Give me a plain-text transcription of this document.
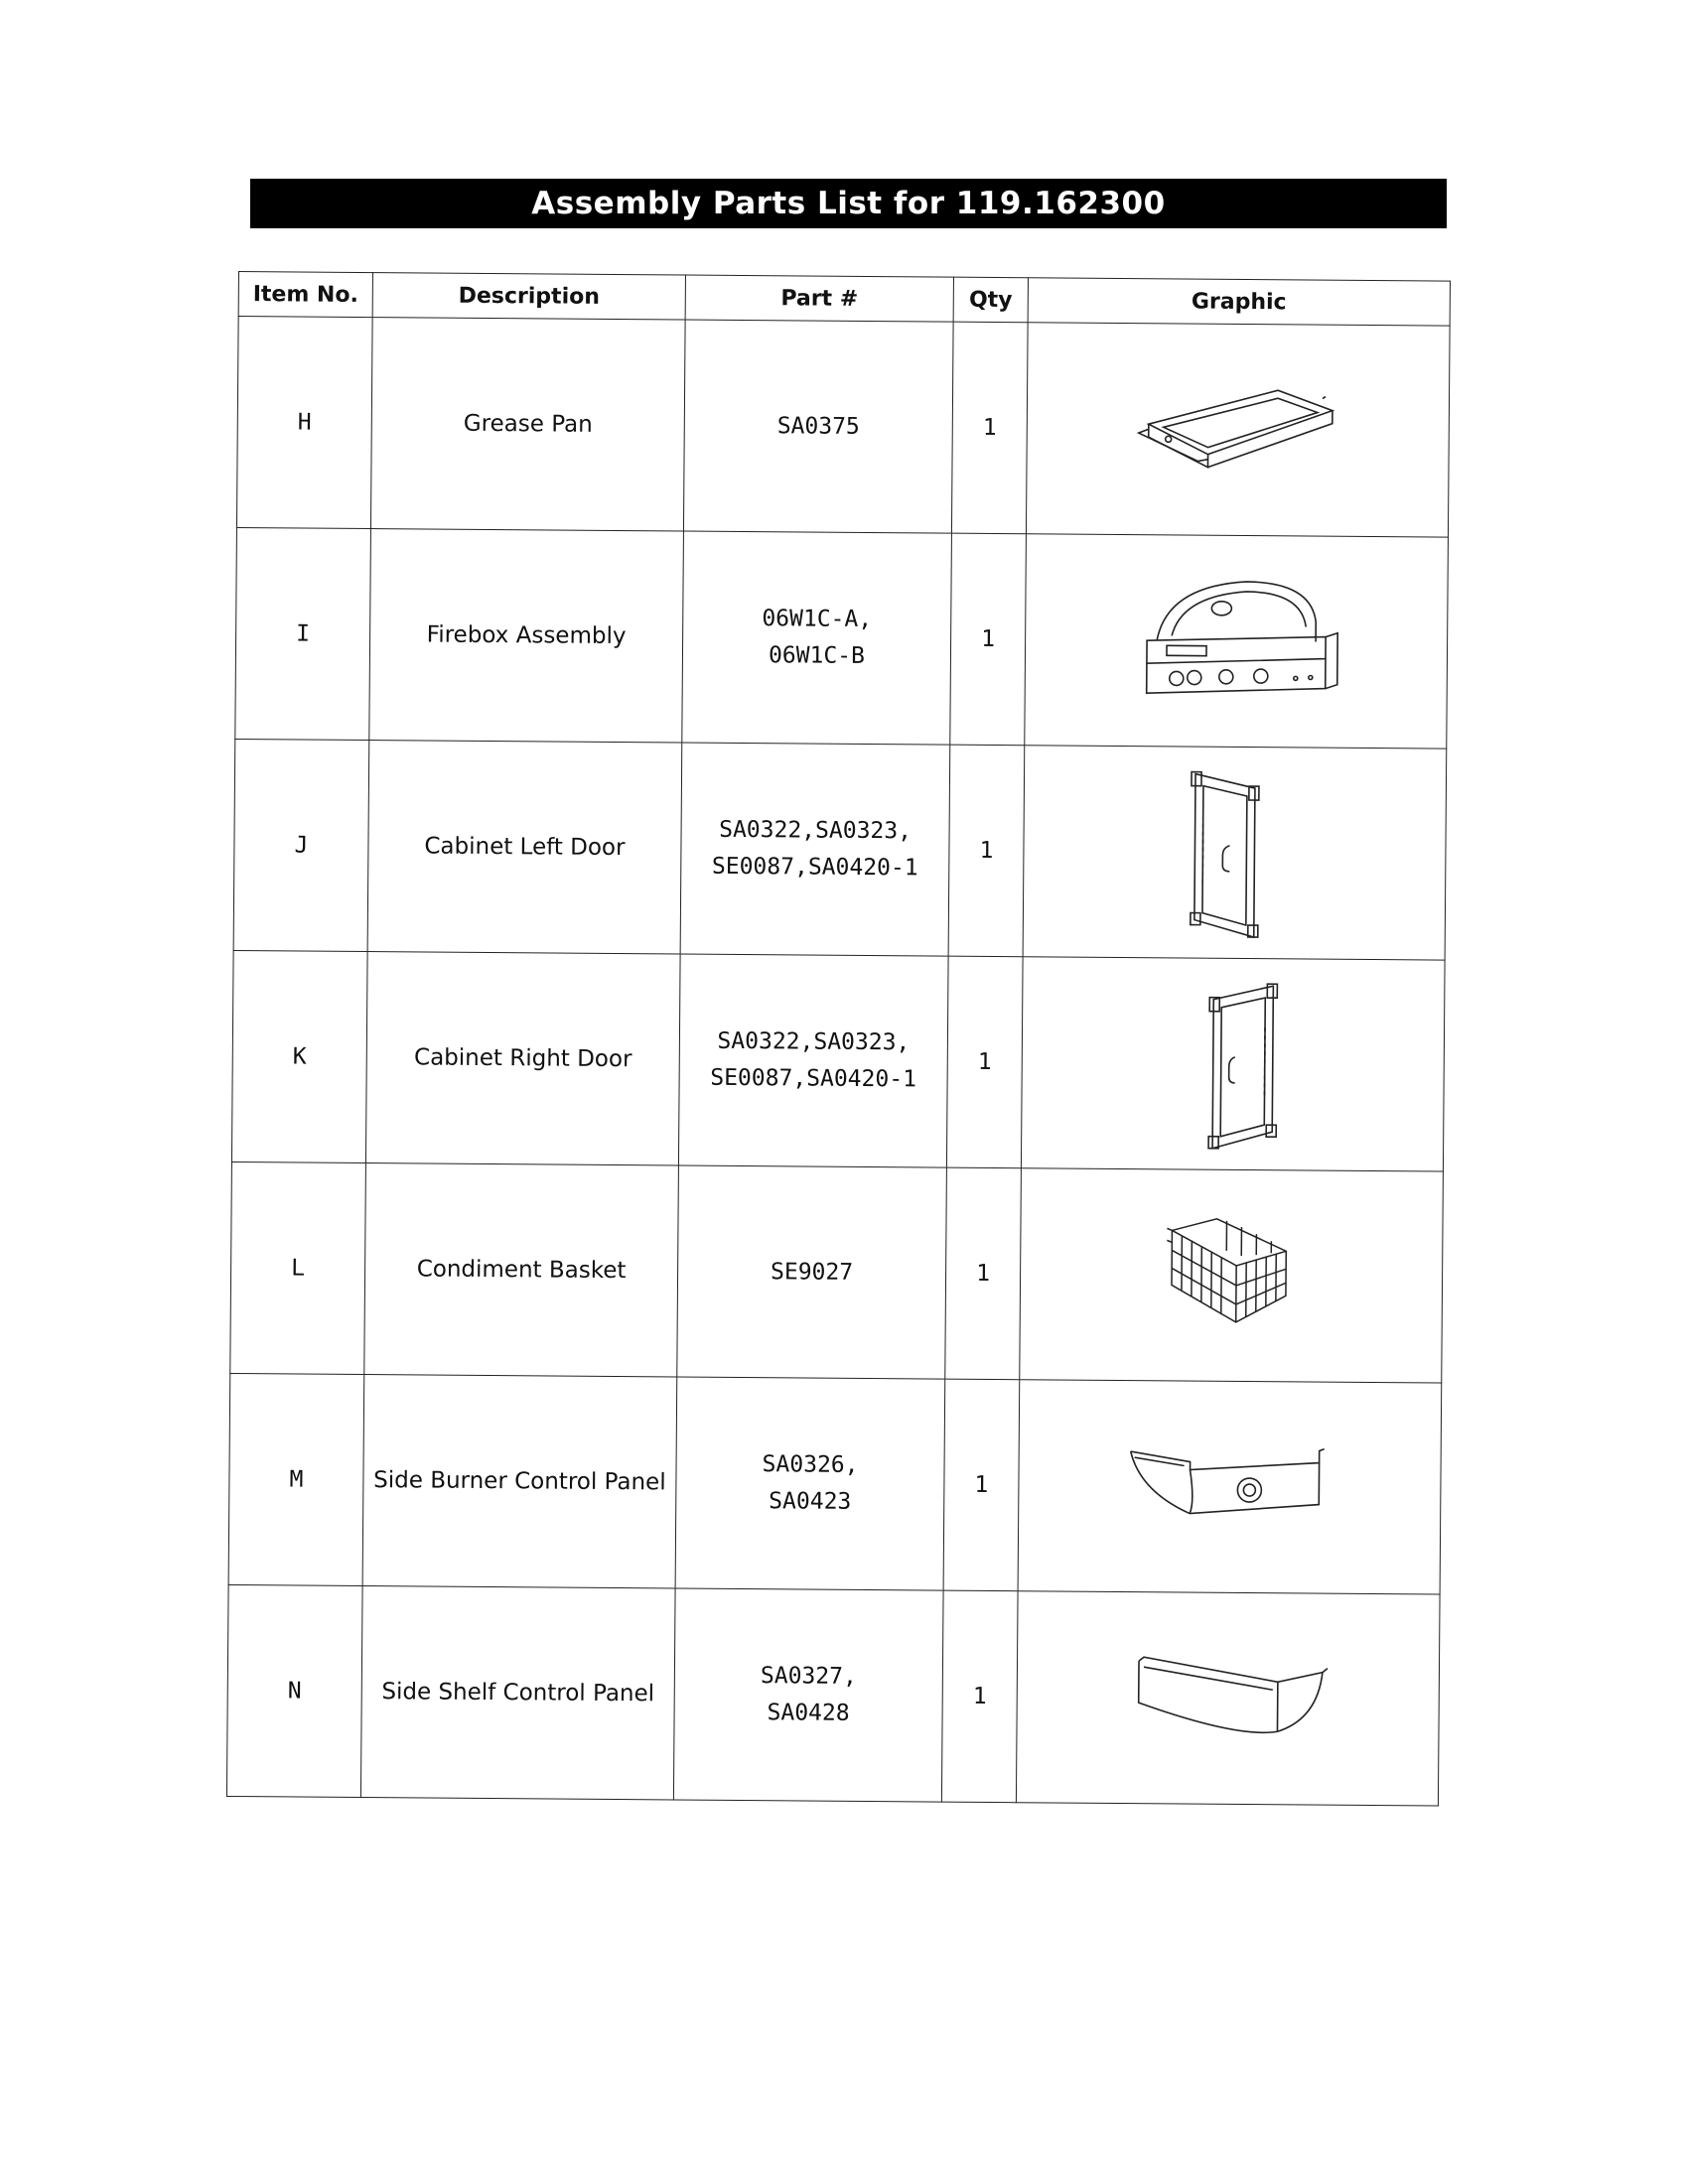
Assembly Parts List for 119.162300
Item No.	Description	Part #	Qty	Graphic
H	Grease Pan	SA0375	1	

I	Firebox Assembly	06W1C-A,
06W1C-B	1	

J	Cabinet Left Door	SA0322,SA0323,
SE0087,SA0420-1	1	

K	Cabinet Right Door	SA0322,SA0323,
SE0087,SA0420-1	1	

L	Condiment Basket	SE9027	1	

M	Side Burner Control Panel	SA0326,
SA0423	1	

N	Side Shelf Control Panel	SA0327,
SA0428	1	
